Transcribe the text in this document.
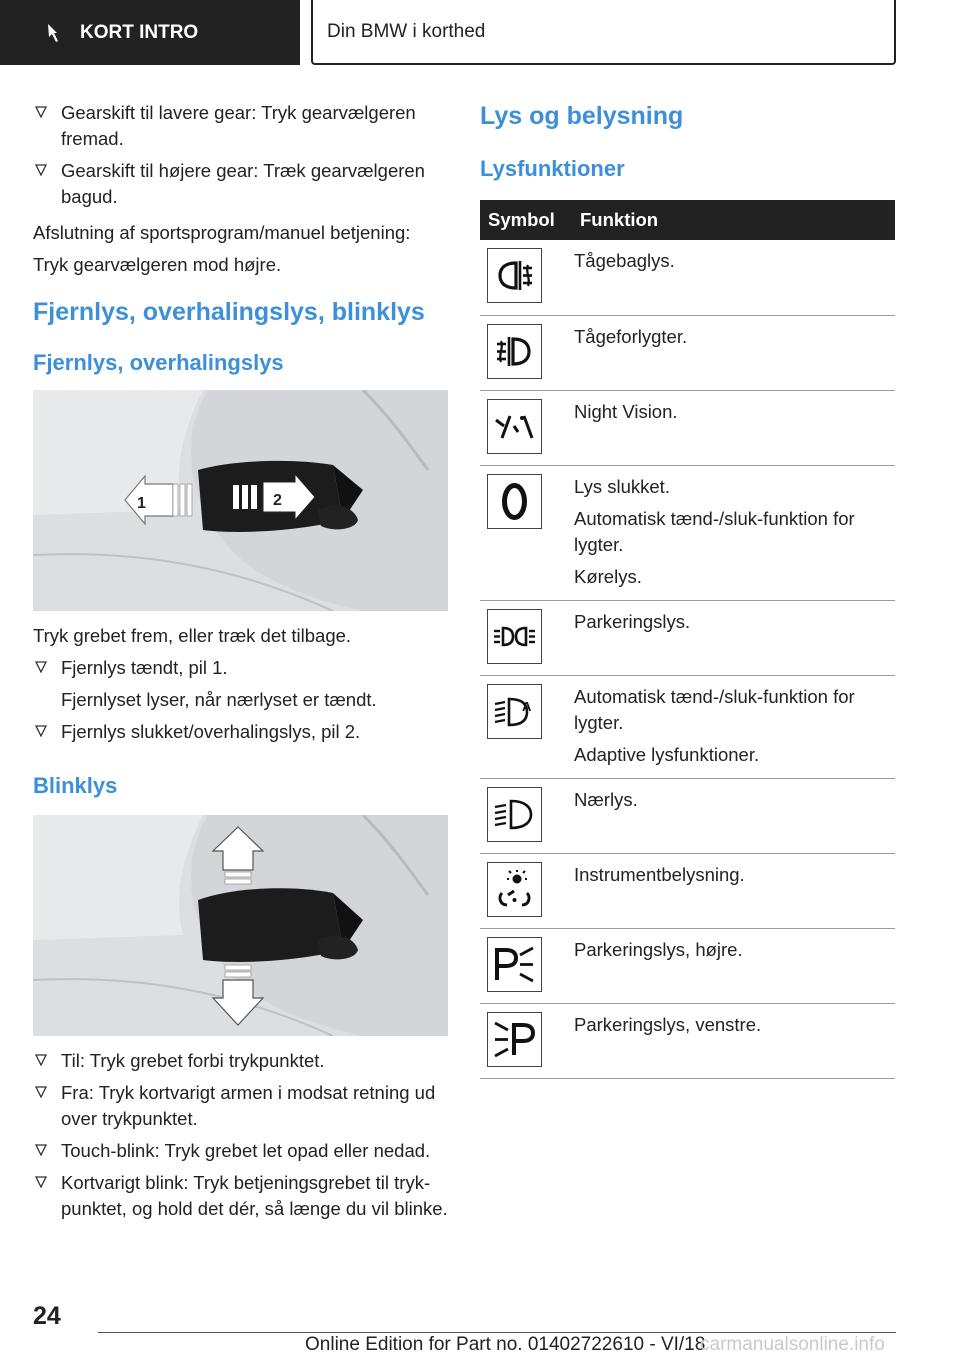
KORT INTRO	Din BMW i korthed
Gearskift til lavere gear: Tryk gearvælgeren fremad.
Gearskift til højere gear: Træk gearvælgeren bagud.
Afslutning af sportsprogram/manuel betjening:
Tryk gearvælgeren mod højre.
Fjernlys, overhalingslys, blinklys
Fjernlys, overhalingslys
1	2
Tryk grebet frem, eller træk det tilbage.
Fjernlys tændt, pil 1.
Fjernlyset lyser, når nærlyset er tændt.
Fjernlys slukket/overhalingslys, pil 2.
Blinklys
Til: Tryk grebet forbi trykpunktet.
Fra: Tryk kortvarigt armen i modsat retning ud over trykpunktet.
Touch-blink: Tryk grebet let opad eller nedad.
Kortvarigt blink: Tryk betjeningsgrebet til tryk-punktet, og hold det dér, så længe du vil blinke.
Lys og belysning
Lysfunktioner
Symbol	Funktion

Tågebaglys.

Tågeforlygter.

Night Vision.

Lys slukket.
Automatisk tænd-/sluk-funktion for lygter.
Kørelys.

Parkeringslys.

A	Automatisk tænd-/sluk-funktion for lygter.
Adaptive lysfunktioner.

Nærlys.

Instrumentbelysning.

Parkeringslys, højre.

Parkeringslys, venstre.
24
Online Edition for Part no. 01402722610 - VI/18
carmanualsonline.info
